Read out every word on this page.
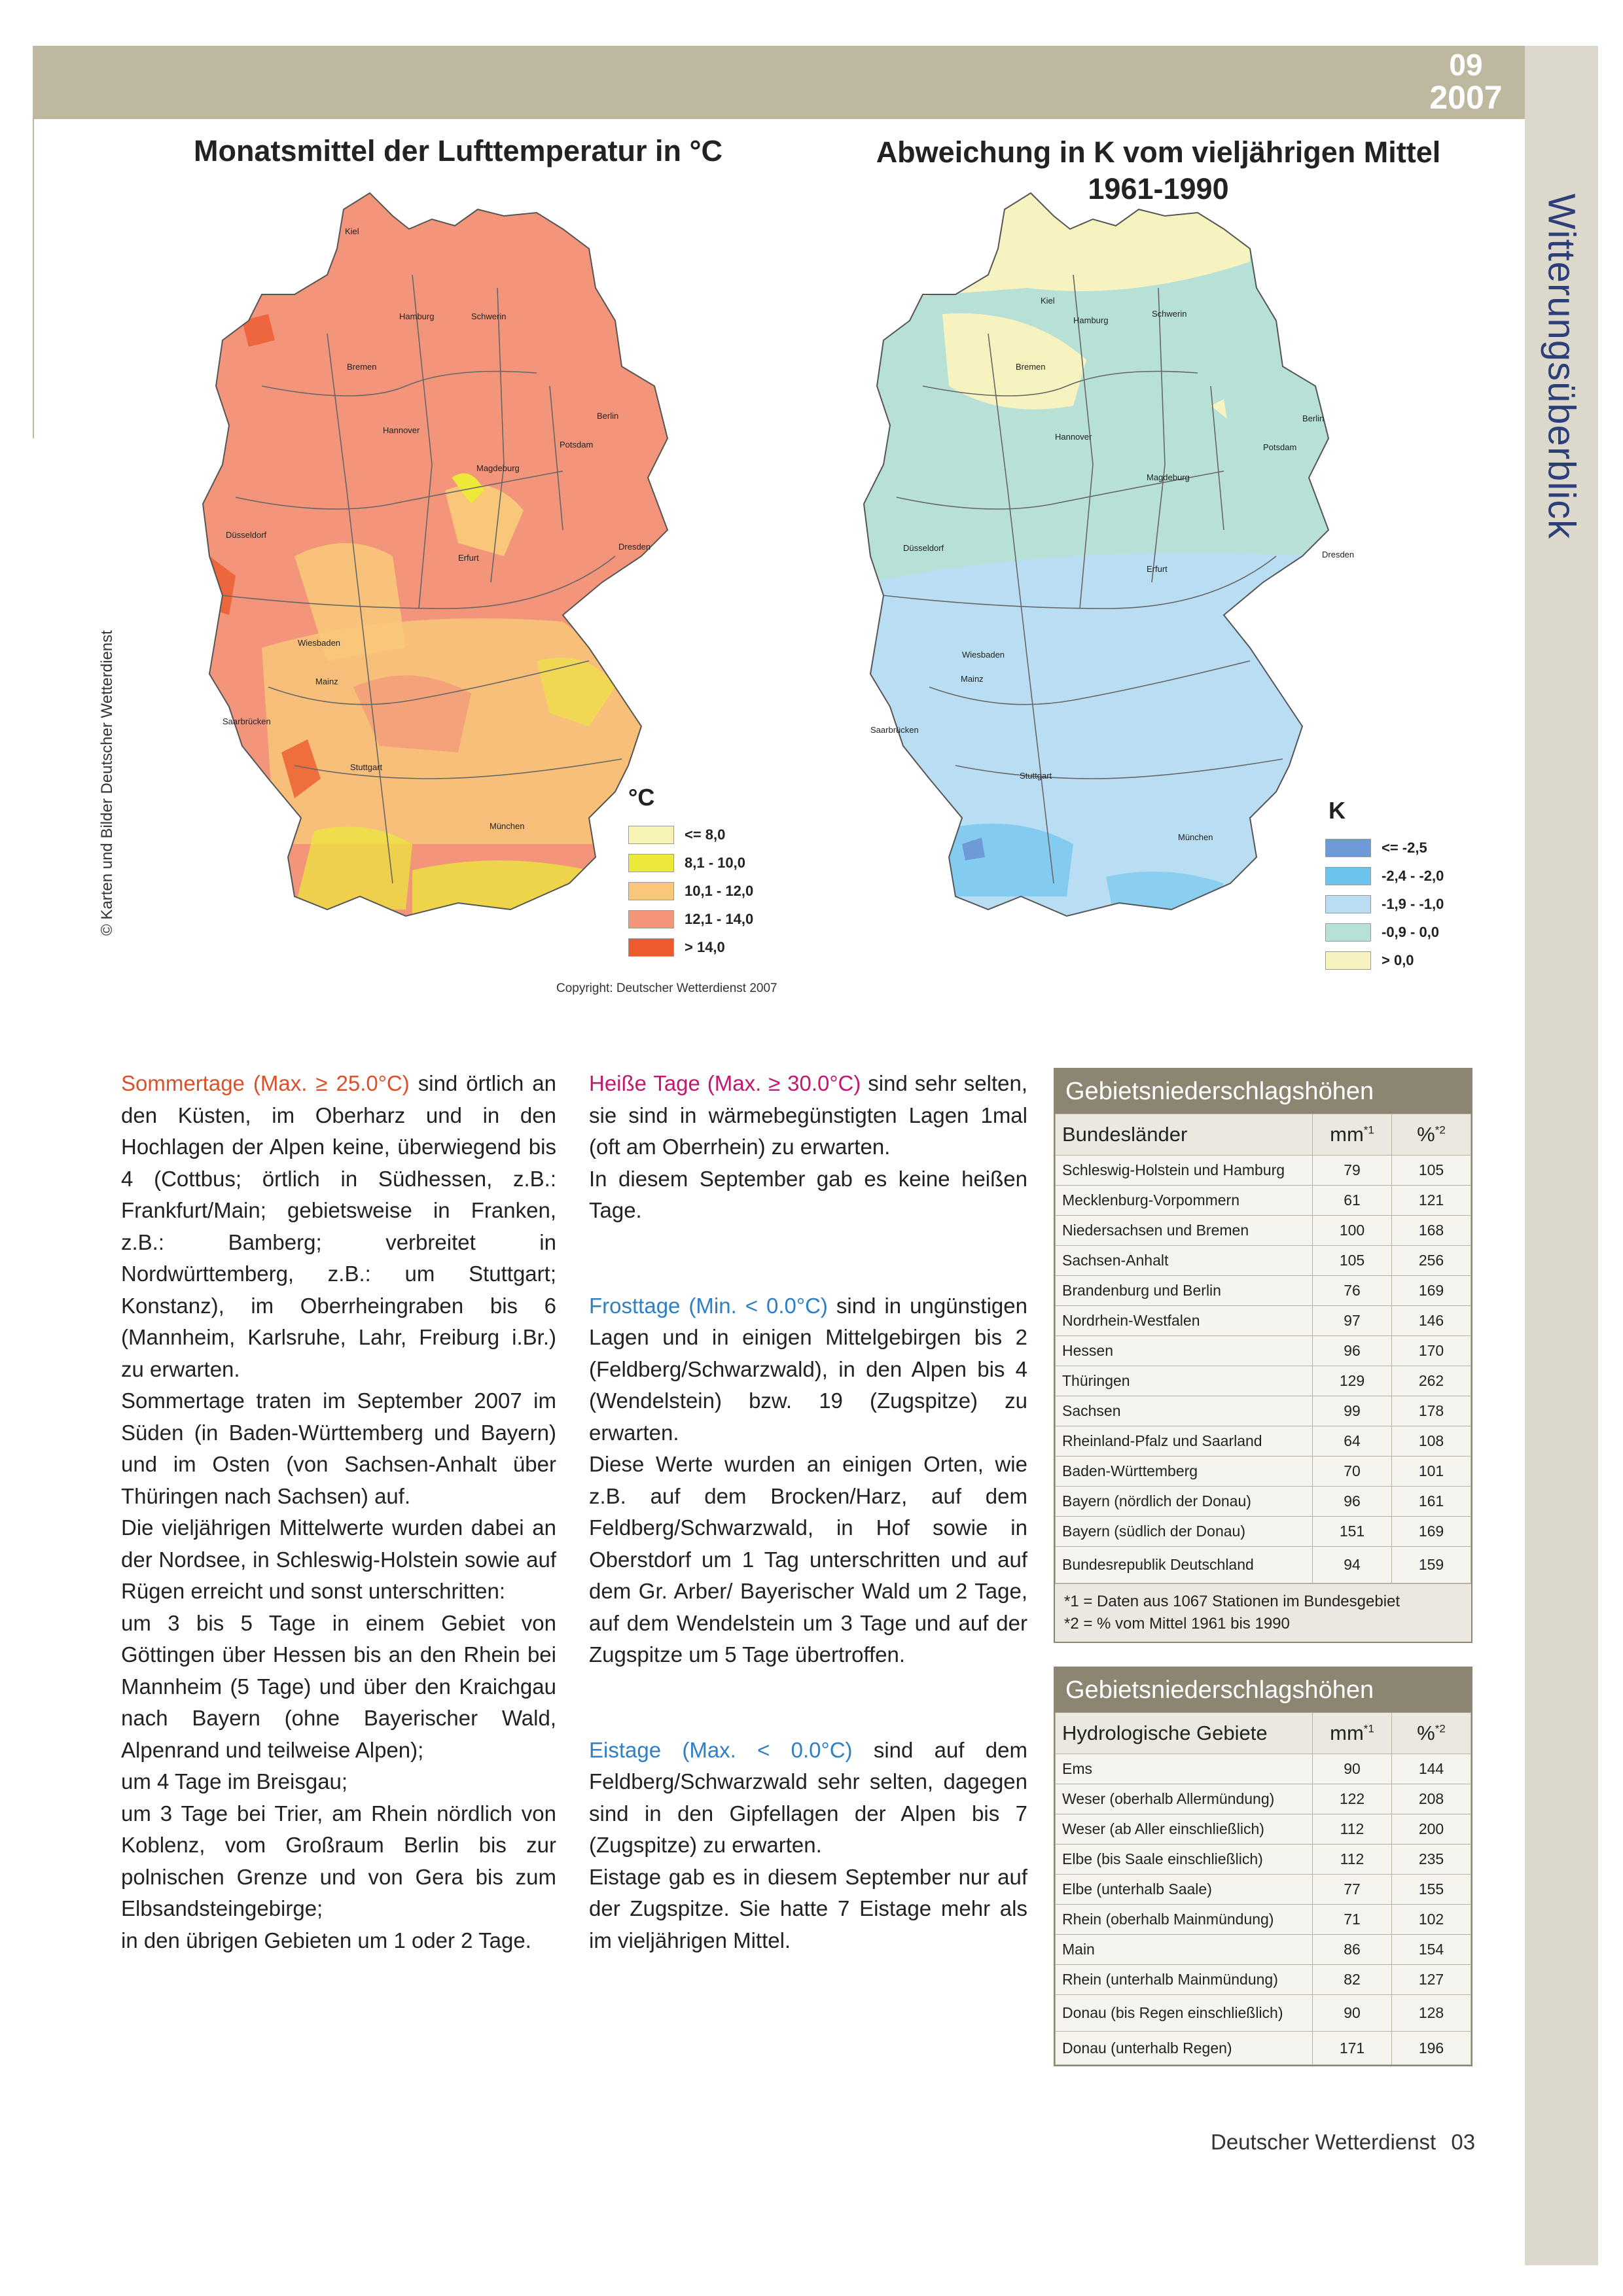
09
2007
Witterungsüberblick
Monatsmittel der Lufttemperatur in °C	Abweichung in K vom vieljährigen Mittel
1961-1990
© Karten und Bilder Deutscher Wetterdienst
Kiel
Hamburg	Schwerin
Bremen
Hannover
Berlin
Potsdam
Magdeburg
Düsseldorf
Erfurt
Dresden
Wiesbaden
Mainz
Saarbrücken
Stuttgart
München
°C
<= 8,0
8,1 - 10,0
10,1 - 12,0
12,1 - 14,0
> 14,0
Copyright: Deutscher Wetterdienst 2007
Kiel
Hamburg
Schwerin
Bremen
Hannover
Berlin
Potsdam
Magdeburg
Düsseldorf
Erfurt
Dresden
Wiesbaden
Mainz
Saarbrücken
Stuttgart
München
K
<= -2,5
-2,4 - -2,0
-1,9 - -1,0
-0,9 - 0,0
> 0,0

Sommertage (Max. ≥ 25.0°C) sind örtlich an den Küsten, im Oberharz und in den Hochlagen der Alpen keine, überwiegend bis 4 (Cottbus; örtlich in Südhessen, z.B.: Frankfurt/Main; gebietsweise in Franken, z.B.: Bamberg; verbreitet in Nordwürttemberg, z.B.: um Stuttgart; Konstanz), im Oberrheingraben bis 6 (Mannheim, Karlsruhe, Lahr, Freiburg i.Br.) zu erwarten.

Sommertage traten im September 2007 im Süden (in Baden-Württemberg und Bayern) und im Osten (von Sachsen-Anhalt über Thüringen nach Sachsen) auf.

Die vieljährigen Mittelwerte wurden dabei an der Nordsee, in Schleswig-Holstein sowie auf Rügen erreicht und sonst unterschritten:

um 3 bis 5 Tage in einem Gebiet von Göttingen über Hessen bis an den Rhein bei Mannheim (5 Tage) und über den Kraichgau nach Bayern (ohne Bayerischer Wald, Alpenrand und teilweise Alpen);

um 4 Tage im Breisgau;

um 3 Tage bei Trier, am Rhein nördlich von Koblenz, vom Großraum Berlin bis zur polnischen Grenze und von Gera bis zum Elbsandsteingebirge;

in den übrigen Gebieten um 1 oder 2 Tage.

Heiße Tage (Max. ≥ 30.0°C) sind sehr selten, sie sind in wärmebegünstigten Lagen 1mal (oft am Oberrhein) zu erwarten.

In diesem September gab es keine heißen Tage.

Frosttage (Min. < 0.0°C) sind in ungünstigen Lagen und in einigen Mittelgebirgen bis 2 (Feldberg/Schwarzwald), in den Alpen bis 4 (Wendelstein) bzw. 19 (Zugspitze) zu erwarten.

Diese Werte wurden an einigen Orten, wie z.B. auf dem Brocken/Harz, auf dem Feldberg/Schwarzwald, in Hof sowie in Oberstdorf um 1 Tag unterschritten und auf dem Gr. Arber/ Bayerischer Wald um 2 Tage, auf dem Wendelstein um 3 Tage und auf der Zugspitze um 5 Tage übertroffen.

Eistage (Max. < 0.0°C) sind auf dem Feldberg/Schwarzwald sehr selten, dagegen sind in den Gipfellagen der Alpen bis 7 (Zugspitze) zu erwarten.

Eistage gab es in diesem September nur auf der Zugspitze. Sie hatte 7 Eistage mehr als im vieljährigen Mittel.

Gebietsniederschlagshöhen
Bundesländer	$mm^{*1}$	%$^{*2}$
Schleswig-Holstein und Hamburg	79	105
Mecklenburg-Vorpommern	61	121
Niedersachsen und Bremen	100	168
Sachsen-Anhalt	105	256
Brandenburg und Berlin	76	169
Nordrhein-Westfalen	97	146
Hessen	96	170
Thüringen	129	262
Sachsen	99	178
Rheinland-Pfalz und Saarland	64	108
Baden-Württemberg	70	101
Bayern (nördlich der Donau)	96	161
Bayern (südlich der Donau)	151	169
Bundesrepublik Deutschland	94	159
*1 = Daten aus 1067 Stationen im Bundesgebiet
*2 = % vom Mittel 1961 bis 1990
Gebietsniederschlagshöhen
Hydrologische Gebiete	$mm^{*1}$	%$^{*2}$
Ems	90	144
Weser (oberhalb Allermündung)	122	208
Weser (ab Aller einschließlich)	112	200
Elbe (bis Saale einschließlich)	112	235
Elbe (unterhalb Saale)	77	155
Rhein (oberhalb Mainmündung)	71	102
Main	86	154
Rhein (unterhalb Mainmündung)	82	127
Donau (bis Regen einschließlich)	90	128
Donau (unterhalb Regen)	171	196
Deutscher Wetterdienst 03
